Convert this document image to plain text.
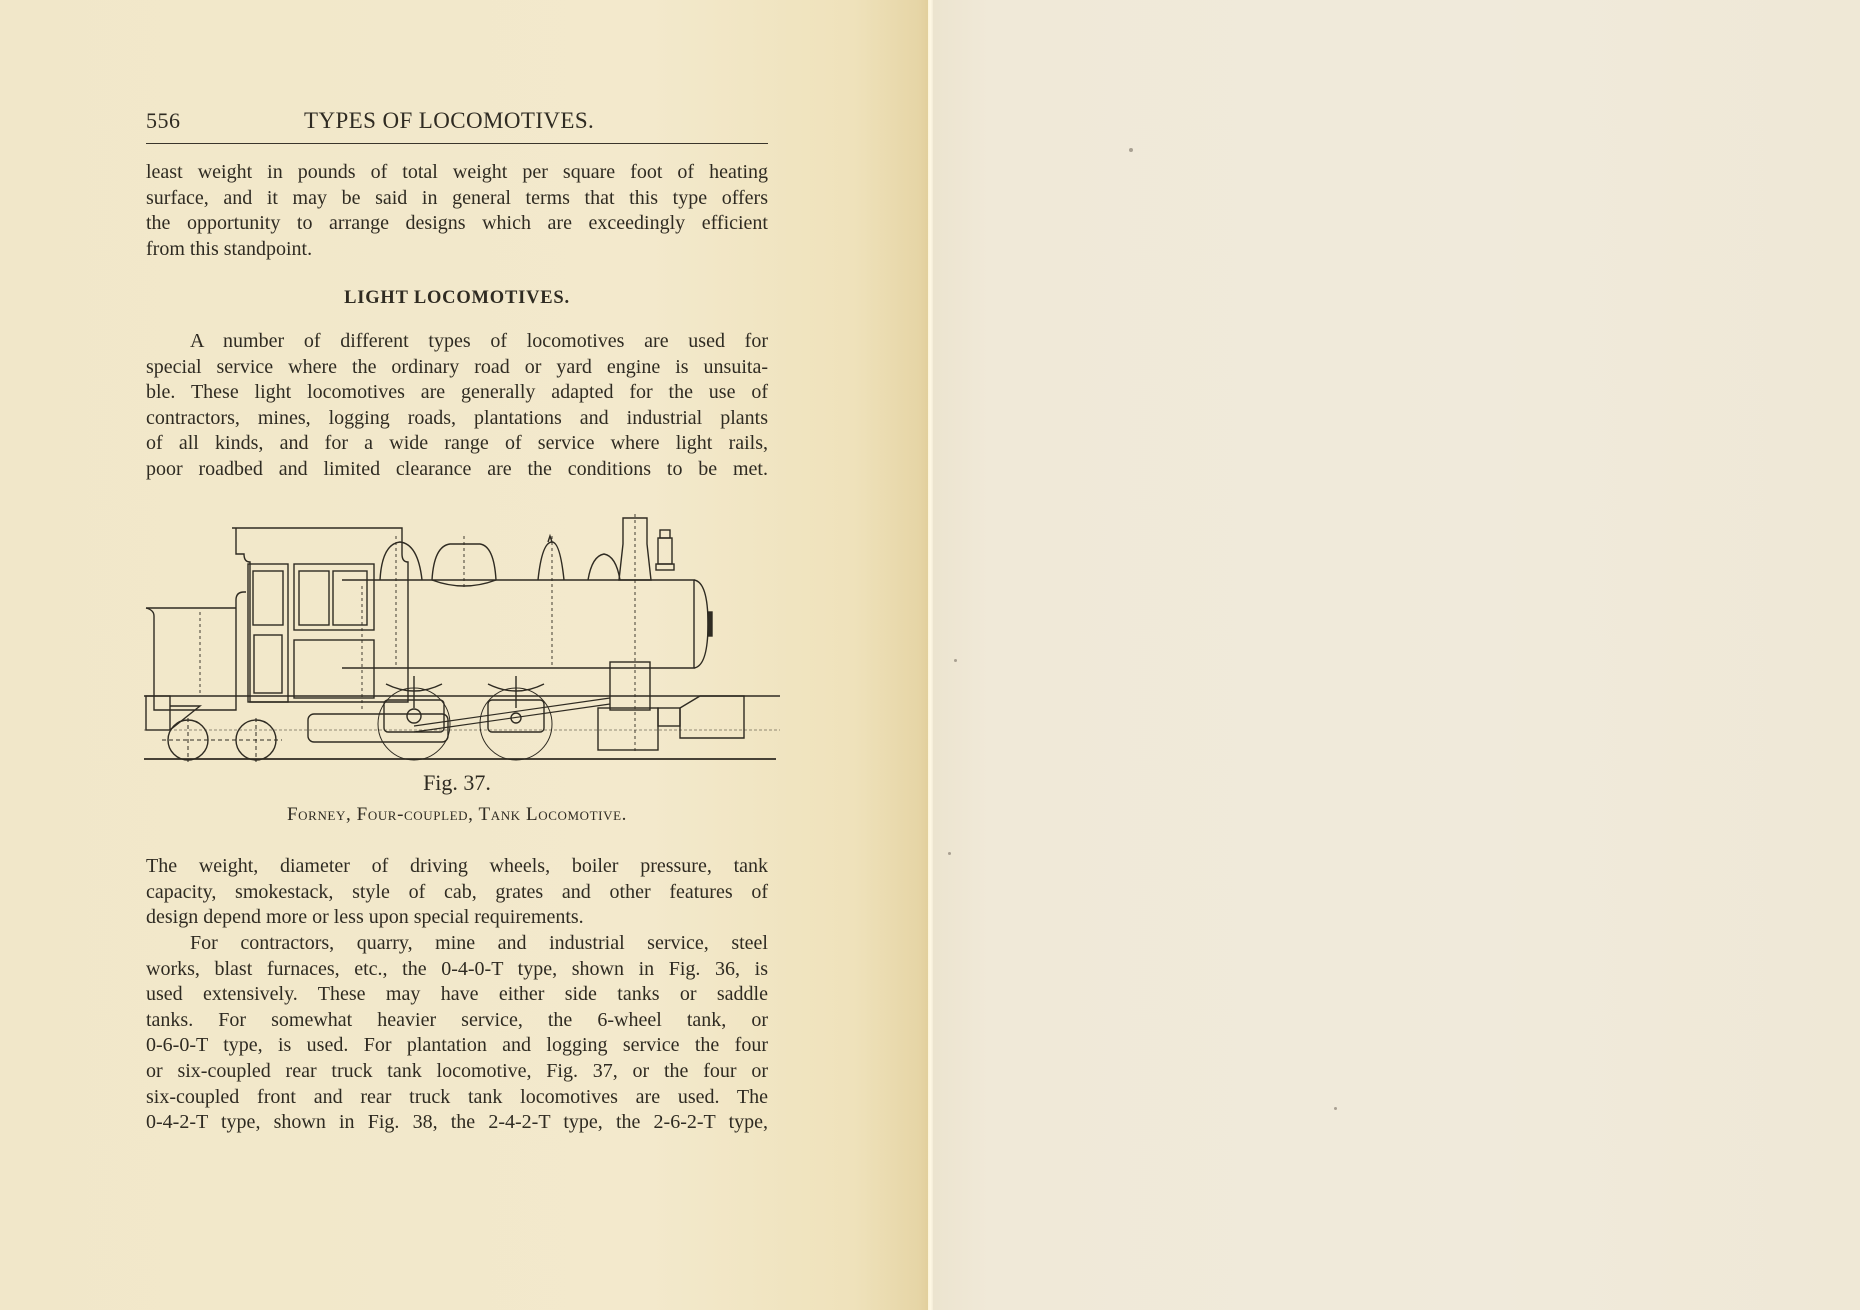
556	TYPES OF LOCOMOTIVES.
least weight in pounds of total weight per square foot of heating
surface, and it may be said in general terms that this type offers
the opportunity to arrange designs which are exceedingly efficient
from this standpoint.
LIGHT LOCOMOTIVES.
A number of different types of locomotives are used for
special service where the ordinary road or yard engine is unsuita-
ble. These light locomotives are generally adapted for the use of
contractors, mines, logging roads, plantations and industrial plants
of all kinds, and for a wide range of service where light rails,
poor roadbed and limited clearance are the conditions to be met.
Fig. 37.
Forney, Four-coupled, Tank Locomotive.
The weight, diameter of driving wheels, boiler pressure, tank
capacity, smokestack, style of cab, grates and other features of
design depend more or less upon special requirements.
For contractors, quarry, mine and industrial service, steel
works, blast furnaces, etc., the 0-4-0-T type, shown in Fig. 36, is
used extensively. These may have either side tanks or saddle
tanks. For somewhat heavier service, the 6-wheel tank, or
0-6-0-T type, is used. For plantation and logging service the four
or six-coupled rear truck tank locomotive, Fig. 37, or the four or
six-coupled front and rear truck tank locomotives are used. The
0-4-2-T type, shown in Fig. 38, the 2-4-2-T type, the 2-6-2-T type,
